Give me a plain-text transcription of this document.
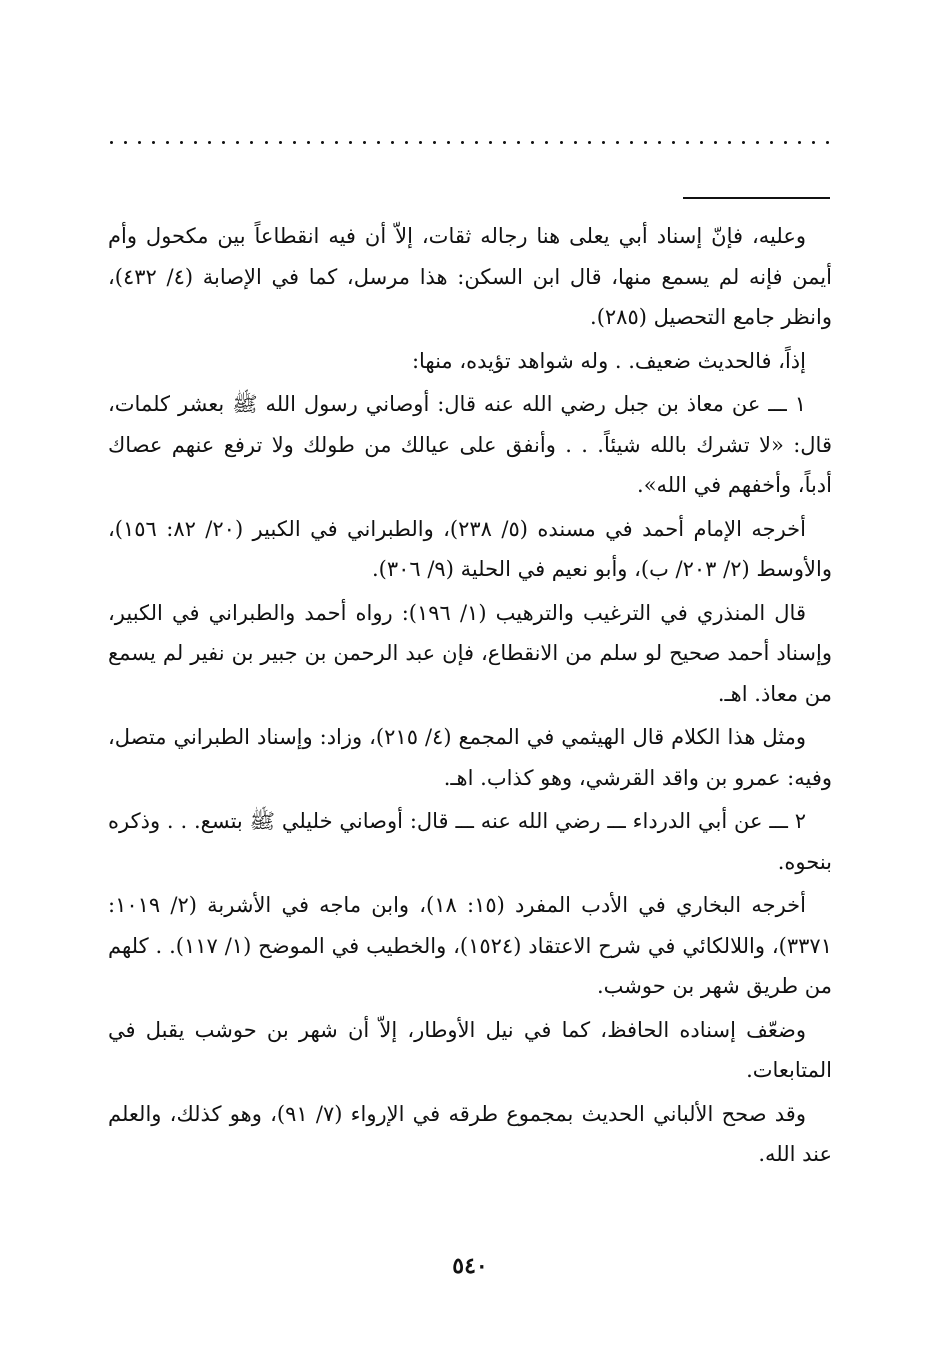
وعليه، فإنّ إسناد أبي يعلى هنا رجاله ثقات، إلاّ أن فيه انقطاعاً بين مكحول وأم أيمن فإنه لم يسمع منها، قال ابن السكن: هذا مرسل، كما في الإصابة (٤/ ٤٣٢)، وانظر جامع التحصيل (٢٨٥).

إذاً، فالحديث ضعيف. . وله شواهد تؤيده، منها:

١ ـــ عن معاذ بن جبل رضي الله عنه قال: أوصاني رسول الله ﷺ بعشر كلمات، قال: «لا تشرك بالله شيئاً. . . وأنفق على عيالك من طولك ولا ترفع عنهم عصاك أدباً، وأخفهم في الله».

أخرجه الإمام أحمد في مسنده (٥/ ٢٣٨)، والطبراني في الكبير (٢٠/ ٨٢: ١٥٦)، والأوسط (٢/ ٢٠٣/ ب)، وأبو نعيم في الحلية (٩/ ٣٠٦).

قال المنذري في الترغيب والترهيب (١/ ١٩٦): رواه أحمد والطبراني في الكبير، وإسناد أحمد صحيح لو سلم من الانقطاع، فإن عبد الرحمن بن جبير بن نفير لم يسمع من معاذ. اهـ.

ومثل هذا الكلام قال الهيثمي في المجمع (٤/ ٢١٥)، وزاد: وإسناد الطبراني متصل، وفيه: عمرو بن واقد القرشي، وهو كذاب. اهـ.

٢ ـــ عن أبي الدرداء ـــ رضي الله عنه ـــ قال: أوصاني خليلي ﷺ بتسع. . . وذكره بنحوه.

أخرجه البخاري في الأدب المفرد (١٥: ١٨)، وابن ماجه في الأشربة (٢/ ١٠١٩: ٣٣٧١)، واللالكائي في شرح الاعتقاد (١٥٢٤)، والخطيب في الموضح (١/ ١١٧). . كلهم من طريق شهر بن حوشب.

وضعّف إسناده الحافظ، كما في نيل الأوطار، إلاّ أن شهر بن حوشب يقبل في المتابعات.

وقد صحح الألباني الحديث بمجموع طرقه في الإرواء (٧/ ٩١)، وهو كذلك، والعلم عند الله.

٥٤٠
